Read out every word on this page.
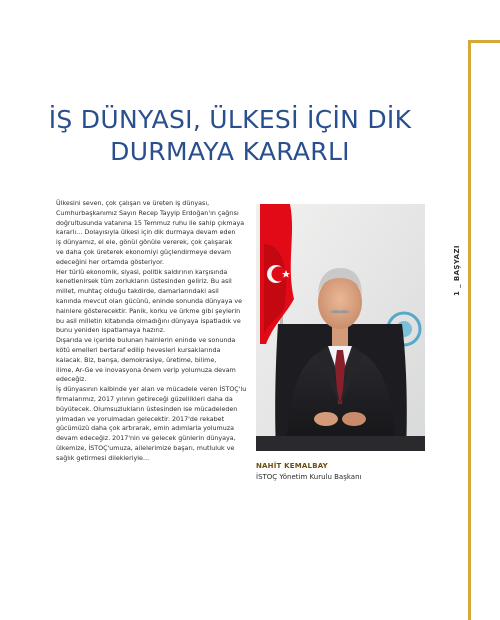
1 _ BAŞYAZI
İŞ DÜNYASI, ÜLKESİ İÇİN DİK
DURMAYA KARARLI

Ülkesini seven, çok çalışan ve üreten iş dünyası,

Cumhurbaşkanımız Sayın Recep Tayyip Erdoğan'ın çağrısı

doğrultusunda vatanına 15 Temmuz ruhu ile sahip çıkmaya

kararlı… Dolayısıyla ülkesi için dik durmaya devam eden

iş dünyamız, el ele, gönül gönüle vererek, çok çalışarak

ve daha çok üreterek ekonomiyi güçlendirmeye devam

edeceğini her ortamda gösteriyor.

Her türlü ekonomik, siyasi, politik saldırının karşısında

kenetlenirsek tüm zorlukların üstesinden geliriz. Bu asil

millet, muhtaç olduğu takdirde, damarlarındaki asil

kanında mevcut olan gücünü, eninde sonunda dünyaya ve

hainlere gösterecektir. Panik, korku ve ürkme gibi şeylerin

bu asil milletin kitabında olmadığını dünyaya ispatladık ve

bunu yeniden ispatlamaya hazırız.

Dışarıda ve içeride bulunan hainlerin eninde ve sonunda

kötü emelleri bertaraf edilip hevesleri kursaklarında

kalacak. Biz, barışa, demokrasiye, üretime, bilime,

ilime, Ar-Ge ve inovasyona önem verip yolumuza devam

edeceğiz.

İş dünyasının kalbinde yer alan ve mücadele veren İSTOÇ'lu

firmalarımız, 2017 yılının getireceği güzellikleri daha da

büyütecek. Olumsuzlukların üstesinden ise mücadeleden

yılmadan ve yorulmadan gelecektir. 2017'de rekabet

gücümüzü daha çok artırarak, emin adımlarla yolumuza

devam edeceğiz. 2017'nin ve gelecek günlerin dünyaya,

ülkemize, İSTOÇ'umuza, ailelerimize başarı, mutluluk ve

sağlık getirmesi dilekleriyle…

NAHİT KEMALBAY
İSTOÇ Yönetim Kurulu Başkanı
